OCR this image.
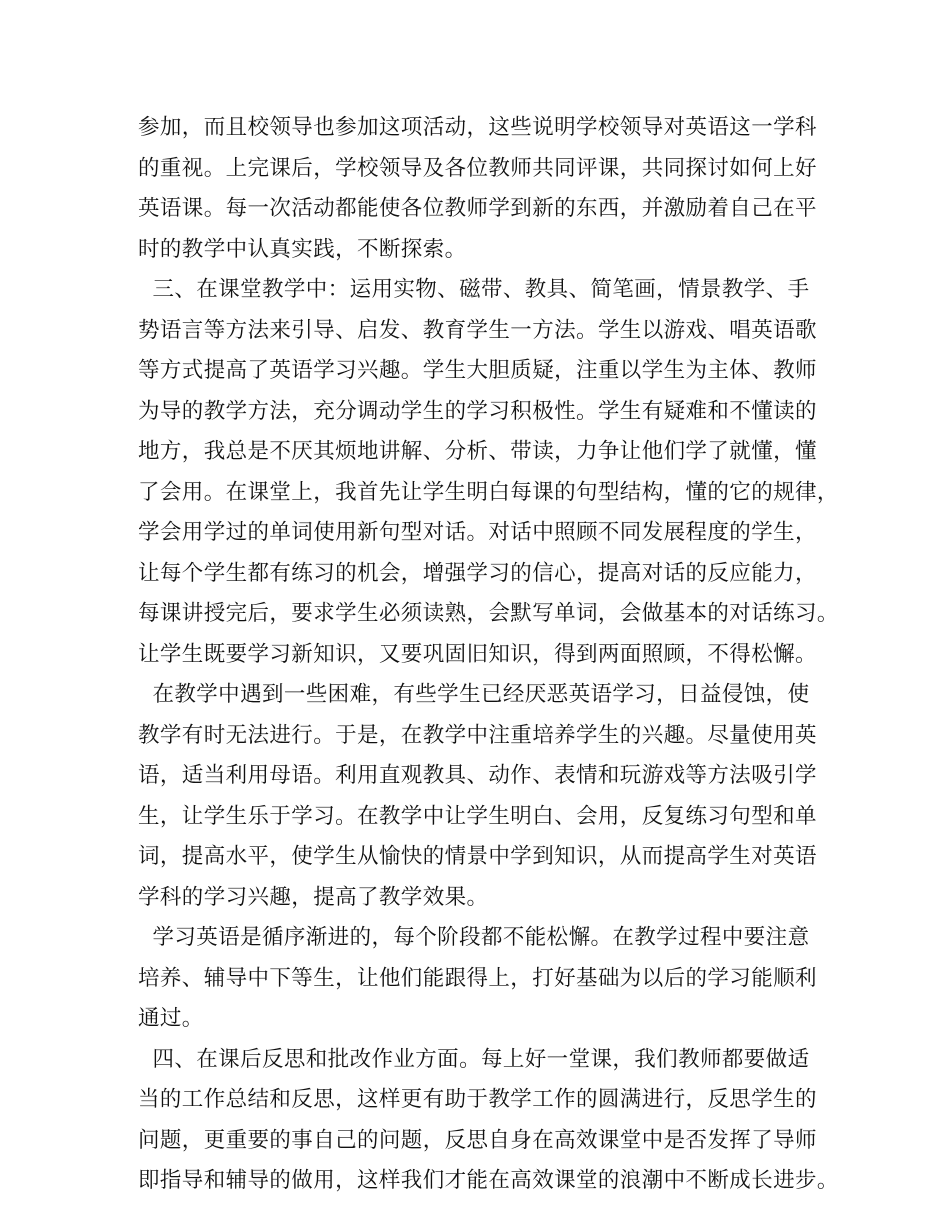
参加，而且校领导也参加这项活动，这些说明学校领导对英语这一学科
的重视。上完课后，学校领导及各位教师共同评课，共同探讨如何上好
英语课。每一次活动都能使各位教师学到新的东西，并激励着自己在平
时的教学中认真实践，不断探索。
三、在课堂教学中：运用实物、磁带、教具、简笔画，情景教学、手
势语言等方法来引导、启发、教育学生一方法。学生以游戏、唱英语歌
等方式提高了英语学习兴趣。学生大胆质疑，注重以学生为主体、教师
为导的教学方法，充分调动学生的学习积极性。学生有疑难和不懂读的
地方，我总是不厌其烦地讲解、分析、带读，力争让他们学了就懂，懂
了会用。在课堂上，我首先让学生明白每课的句型结构，懂的它的规律，
学会用学过的单词使用新句型对话。对话中照顾不同发展程度的学生，
让每个学生都有练习的机会，增强学习的信心，提高对话的反应能力，
每课讲授完后，要求学生必须读熟，会默写单词，会做基本的对话练习。
让学生既要学习新知识，又要巩固旧知识，得到两面照顾，不得松懈。
在教学中遇到一些困难，有些学生已经厌恶英语学习，日益侵蚀，使
教学有时无法进行。于是，在教学中注重培养学生的兴趣。尽量使用英
语，适当利用母语。利用直观教具、动作、表情和玩游戏等方法吸引学
生，让学生乐于学习。在教学中让学生明白、会用，反复练习句型和单
词，提高水平，使学生从愉快的情景中学到知识，从而提高学生对英语
学科的学习兴趣，提高了教学效果。
学习英语是循序渐进的，每个阶段都不能松懈。在教学过程中要注意
培养、辅导中下等生，让他们能跟得上，打好基础为以后的学习能顺利
通过。
四、在课后反思和批改作业方面。每上好一堂课，我们教师都要做适
当的工作总结和反思，这样更有助于教学工作的圆满进行，反思学生的
问题，更重要的事自己的问题，反思自身在高效课堂中是否发挥了导师
即指导和辅导的做用，这样我们才能在高效课堂的浪潮中不断成长进步。
